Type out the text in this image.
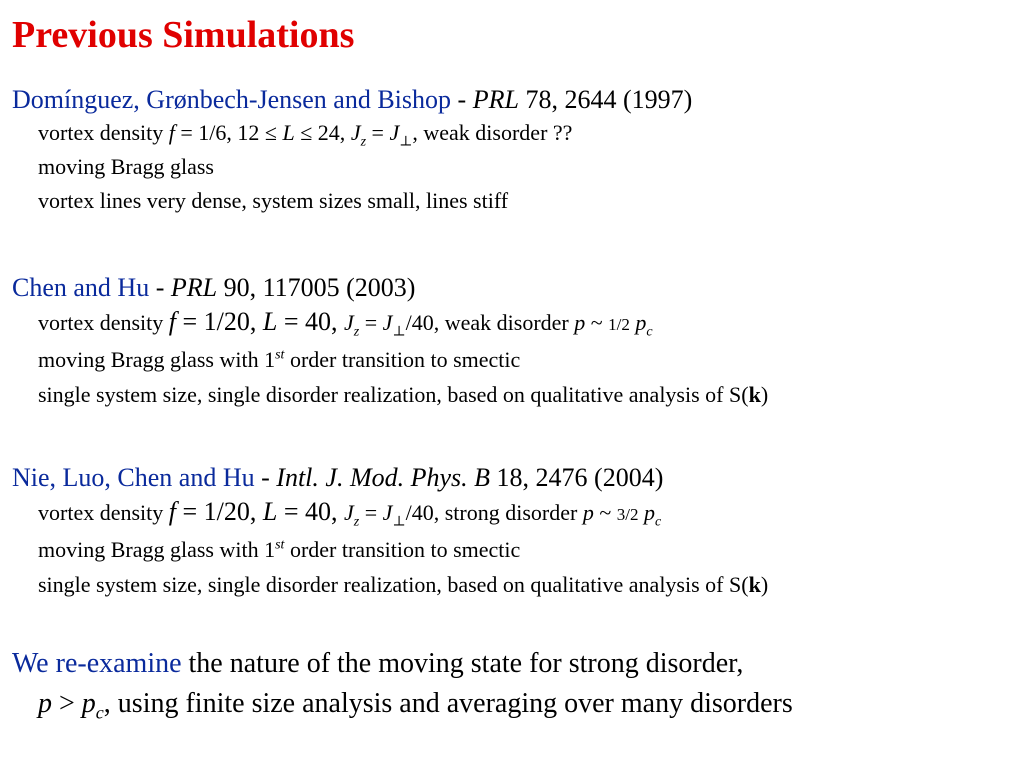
Previous Simulations
Domínguez, Grønbech-Jensen and Bishop - PRL 78, 2644 (1997)
vortex density f = 1/6, 12 ≤ L ≤ 24, $J_z = J_\perp$, weak disorder ??
moving Bragg glass
vortex lines very dense, system sizes small, lines stiff
Chen and Hu - PRL 90, 117005 (2003)
vortex density f = 1/20, L = 40, $J_z = J_\perp/40$, weak disorder p ~ 1/2 $p_c$
moving Bragg glass with 1st order transition to smectic
single system size, single disorder realization, based on qualitative analysis of S(k)
Nie, Luo, Chen and Hu - Intl. J. Mod. Phys. B 18, 2476 (2004)
vortex density f = 1/20, L = 40, $J_z = J_\perp/40$, strong disorder p ~ 3/2 $p_c$
moving Bragg glass with 1st order transition to smectic
single system size, single disorder realization, based on qualitative analysis of S(k)
We re-examine the nature of the moving state for strong disorder,
$p > p_c$, using finite size analysis and averaging over many disorders
